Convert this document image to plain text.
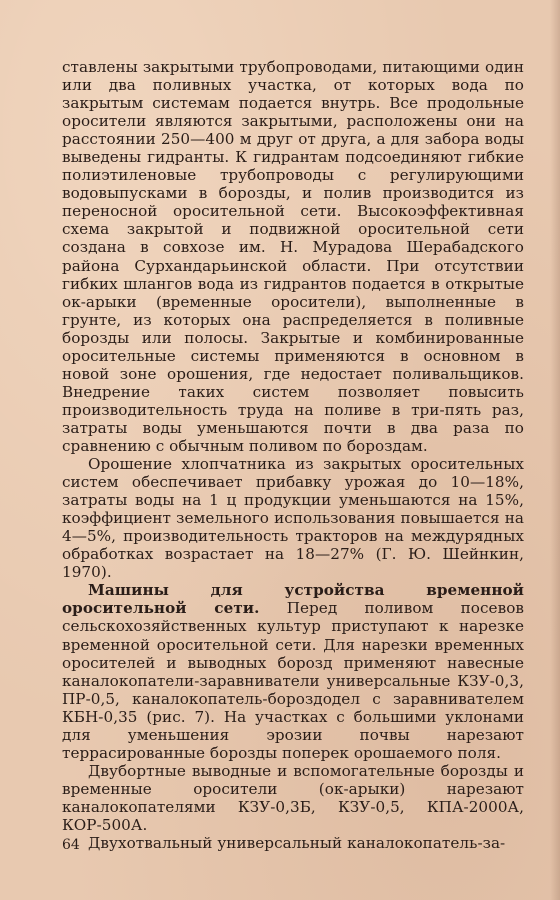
ставлены закрытыми трубопроводами, питающими один или два поливных участка, от которых вода по закрытым системам подается внутрь. Все продольные оросители являются закрытыми, расположены они на расстоянии 250—400 м друг от друга, а для забора воды выведены гидранты. К гидрантам подсоединяют гибкие полиэтиленовые трубопроводы с регулирующими водовыпусками в борозды, и полив производится из переносной оросительной сети. Высокоэффективная схема закрытой и подвижной оросительной сети создана в совхозе им. Н. Мурадова Шерабадского района Сурхандарьинской области. При отсутствии гибких шлангов вода из гидрантов подается в открытые ок-арыки (временные оросители), выполненные в грунте, из которых она распределяется в поливные борозды или полосы. Закрытые и комбинированные оросительные системы применяются в основном в новой зоне орошения, где недостает поливальщиков. Внедрение таких систем позволяет повысить производительность труда на поливе в три-пять раз, затраты воды уменьшаются почти в два раза по сравнению с обычным поливом по бороздам.

Орошение хлопчатника из закрытых оросительных систем обеспечивает прибавку урожая до 10—18%, затраты воды на 1 ц продукции уменьшаются на 15%, коэффициент земельного использования повышается на 4—5%, производительность тракторов на междурядных обработках возрастает на 18—27% (Г. Ю. Шейнкин, 1970).

Машины для устройства временной оросительной сети. Перед поливом посевов сельскохозяйственных культур приступают к нарезке временной оросительной сети. Для нарезки временных оросителей и выводных борозд применяют навесные каналокопатели-заравниватели универсальные КЗУ-0,3, ПР-0,5, каналокопатель-бороздодел с заравнивателем КБН-0,35 (рис. 7). На участках с большими уклонами для уменьшения эрозии почвы нарезают террасированные борозды поперек орошаемого поля.

Двубортные выводные и вспомогательные борозды и временные оросители (ок-арыки) нарезают каналокопателями КЗУ-0,3Б, КЗУ-0,5, КПА-2000А, КОР-500А.

Двухотвальный универсальный каналокопатель-за-

64
